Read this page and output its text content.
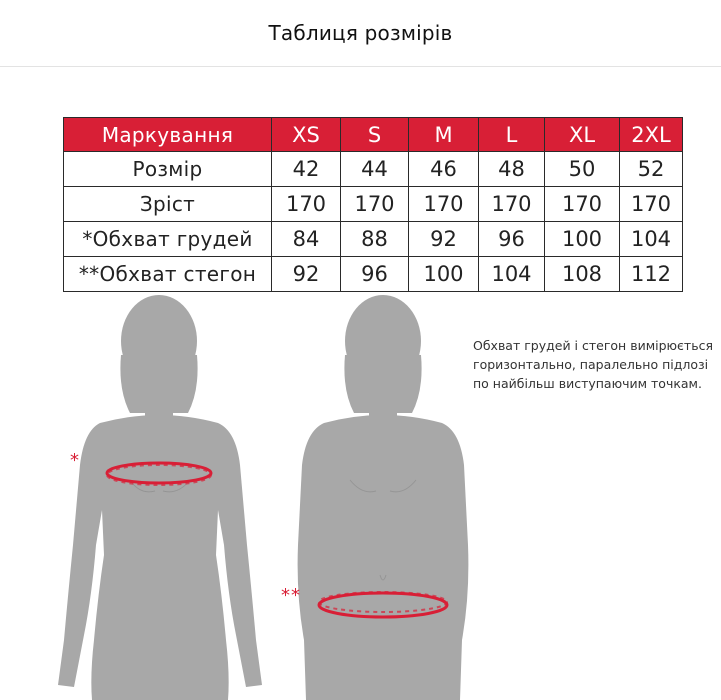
Таблиця розмірів
Маркування	XS	S	M	L	XL	2XL
Розмір	42	44	46	48	50	52
Зріст	170	170	170	170	170	170
*Обхват грудей	84	88	92	96	100	104
**Обхват стегон	92	96	100	104	108	112
*
**
Обхват грудей і стегон вимірюється горизонтально, паралельно підлозі по найбільш виступаючим точкам.
